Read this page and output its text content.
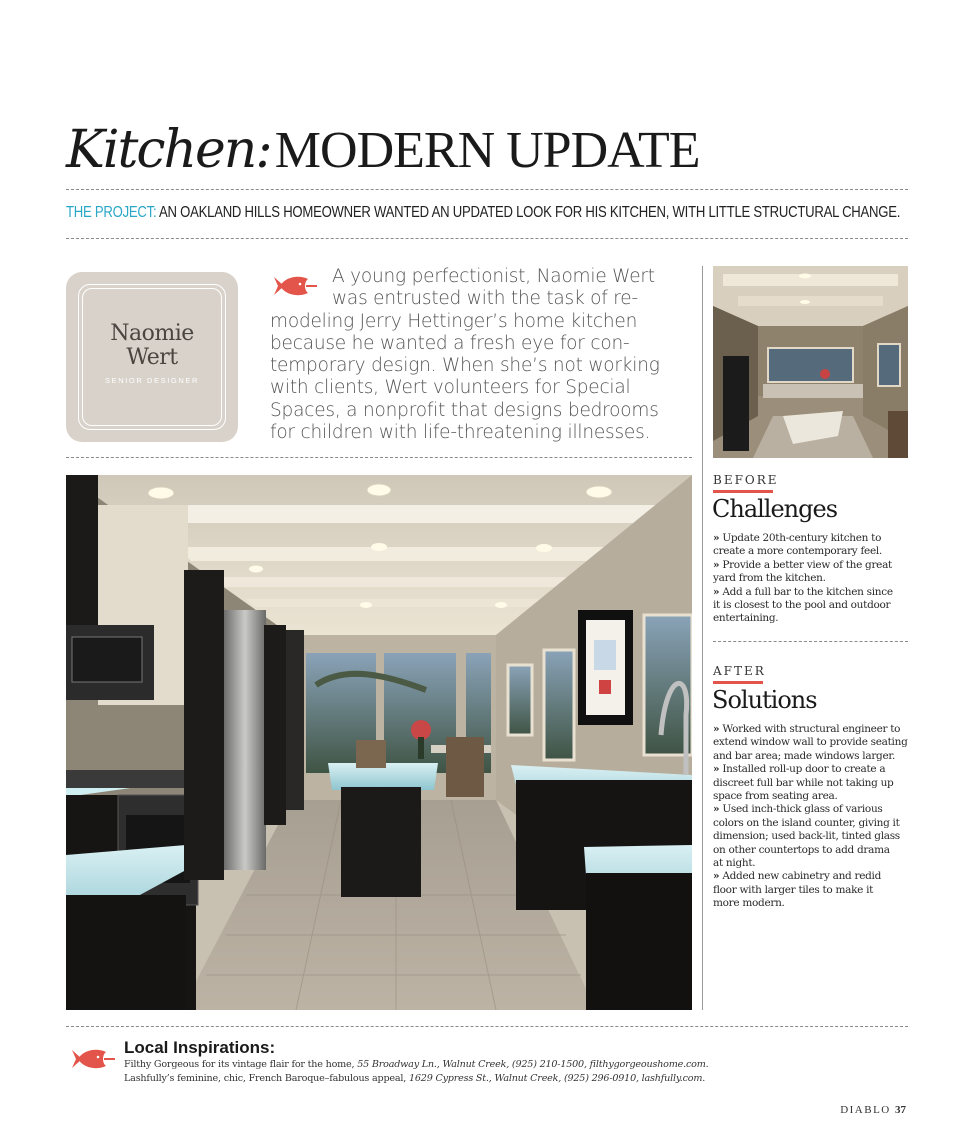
Kitchen: MODERN UPDATE
THE PROJECT: AN OAKLAND HILLS HOMEOWNER WANTED AN UPDATED LOOK FOR HIS KITCHEN, WITH LITTLE STRUCTURAL CHANGE.
Naomie
Wert
SENIOR DESIGNER
A young perfectionist, Naomie Wert
was entrusted with the task of re-
modeling Jerry Hettinger’s home kitchen
because he wanted a fresh eye for con-
temporary design. When she’s not working
with clients, Wert volunteers for Special
Spaces, a nonprofit that designs bedrooms
for children with life-threatening illnesses.
BEFORE
Challenges
» Update 20th-century kitchen to
create a more contemporary feel.
» Provide a better view of the great
yard from the kitchen.
» Add a full bar to the kitchen since
it is closest to the pool and outdoor
entertaining.
AFTER
Solutions
» Worked with structural engineer to
extend window wall to provide seating
and bar area; made windows larger.
» Installed roll-up door to create a
discreet full bar while not taking up
space from seating area.
» Used inch-thick glass of various
colors on the island counter, giving it
dimension; used back-lit, tinted glass
on other countertops to add drama
at night.
» Added new cabinetry and redid
floor with larger tiles to make it
more modern.
Local Inspirations:
Filthy Gorgeous for its vintage flair for the home, 55 Broadway Ln., Walnut Creek, (925) 210-1500, filthygorgeoushome.com.
Lashfully’s feminine, chic, French Baroque–fabulous appeal, 1629 Cypress St., Walnut Creek, (925) 296-0910, lashfully.com.
DIABLO 37
